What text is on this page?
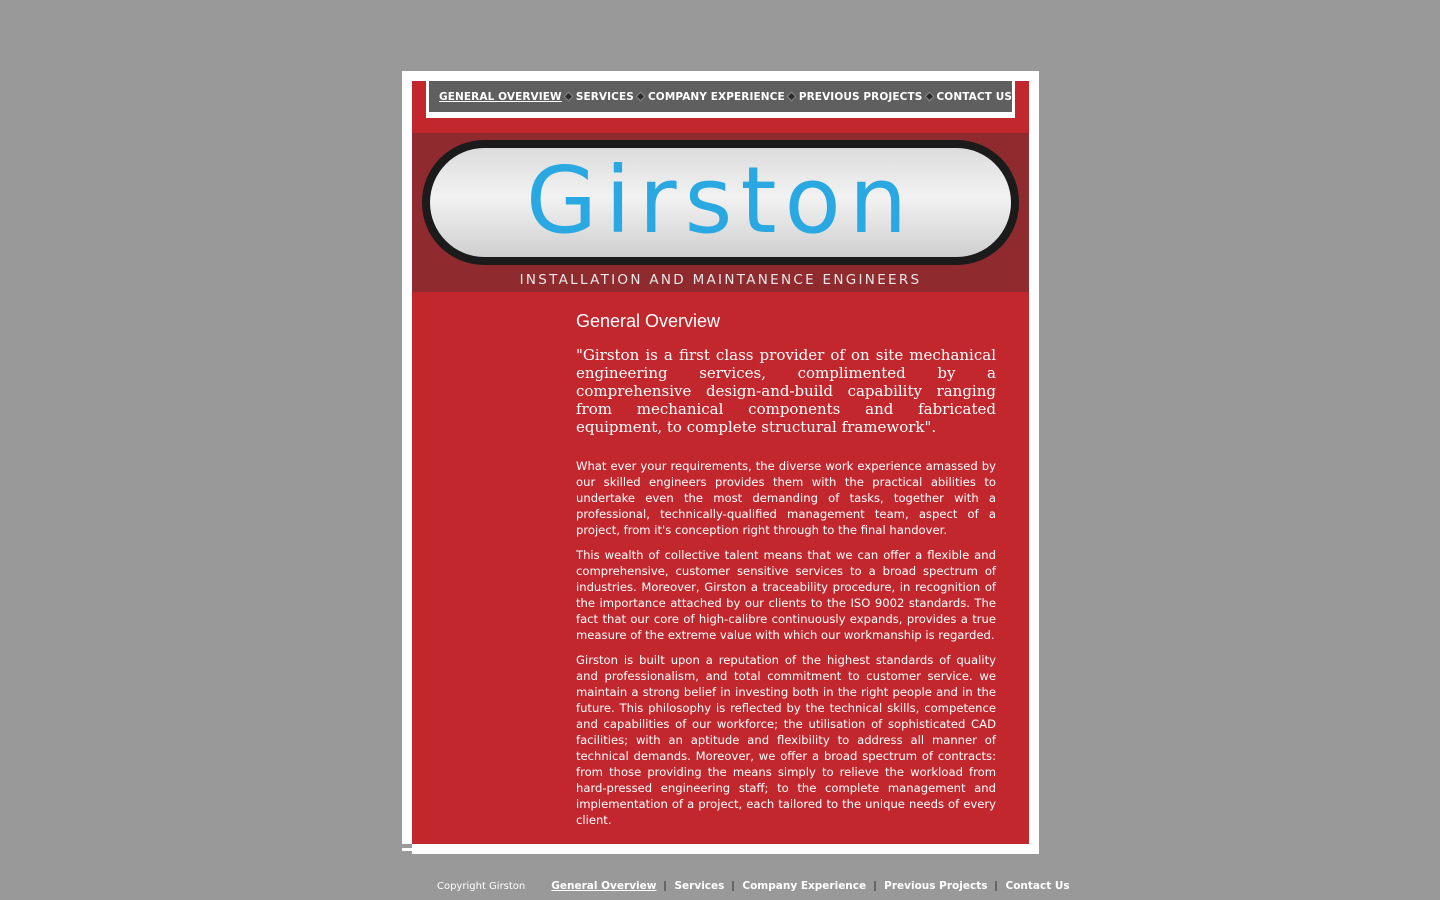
GENERAL OVERVIEW SERVICES COMPANY EXPERIENCE PREVIOUS PROJECTS CONTACT US
Girston
INSTALLATION AND MAINTANENCE ENGINEERS
General Overview

"Girston is a first class provider of on site mechanical engineering services, complimented by a comprehensive design-and-build capability ranging from mechanical components and fabricated equipment, to complete structural framework".

What ever your requirements, the diverse work experience amassed by our skilled engineers provides them with the practical abilities to undertake even the most demanding of tasks, together with a professional, technically-qualified management team, aspect of a project, from it's conception right through to the final handover.

This wealth of collective talent means that we can offer a flexible and comprehensive, customer sensitive services to a broad spectrum of industries. Moreover, Girston a traceability procedure, in recognition of the importance attached by our clients to the ISO 9002 standards. The fact that our core of high-calibre continuously expands, provides a true measure of the extreme value with which our workmanship is regarded.

Girston is built upon a reputation of the highest standards of quality and professionalism, and total commitment to customer service. we maintain a strong belief in investing both in the right people and in the future. This philosophy is reflected by the technical skills, competence and capabilities of our workforce; the utilisation of sophisticated CAD facilities; with an aptitude and flexibility to address all manner of technical demands. Moreover, we offer a broad spectrum of contracts: from those providing the means simply to relieve the workload from hard-pressed engineering staff; to the complete management and implementation of a project, each tailored to the unique needs of every client.

Copyright Girston General Overview Services Company Experience Previous Projects Contact Us
